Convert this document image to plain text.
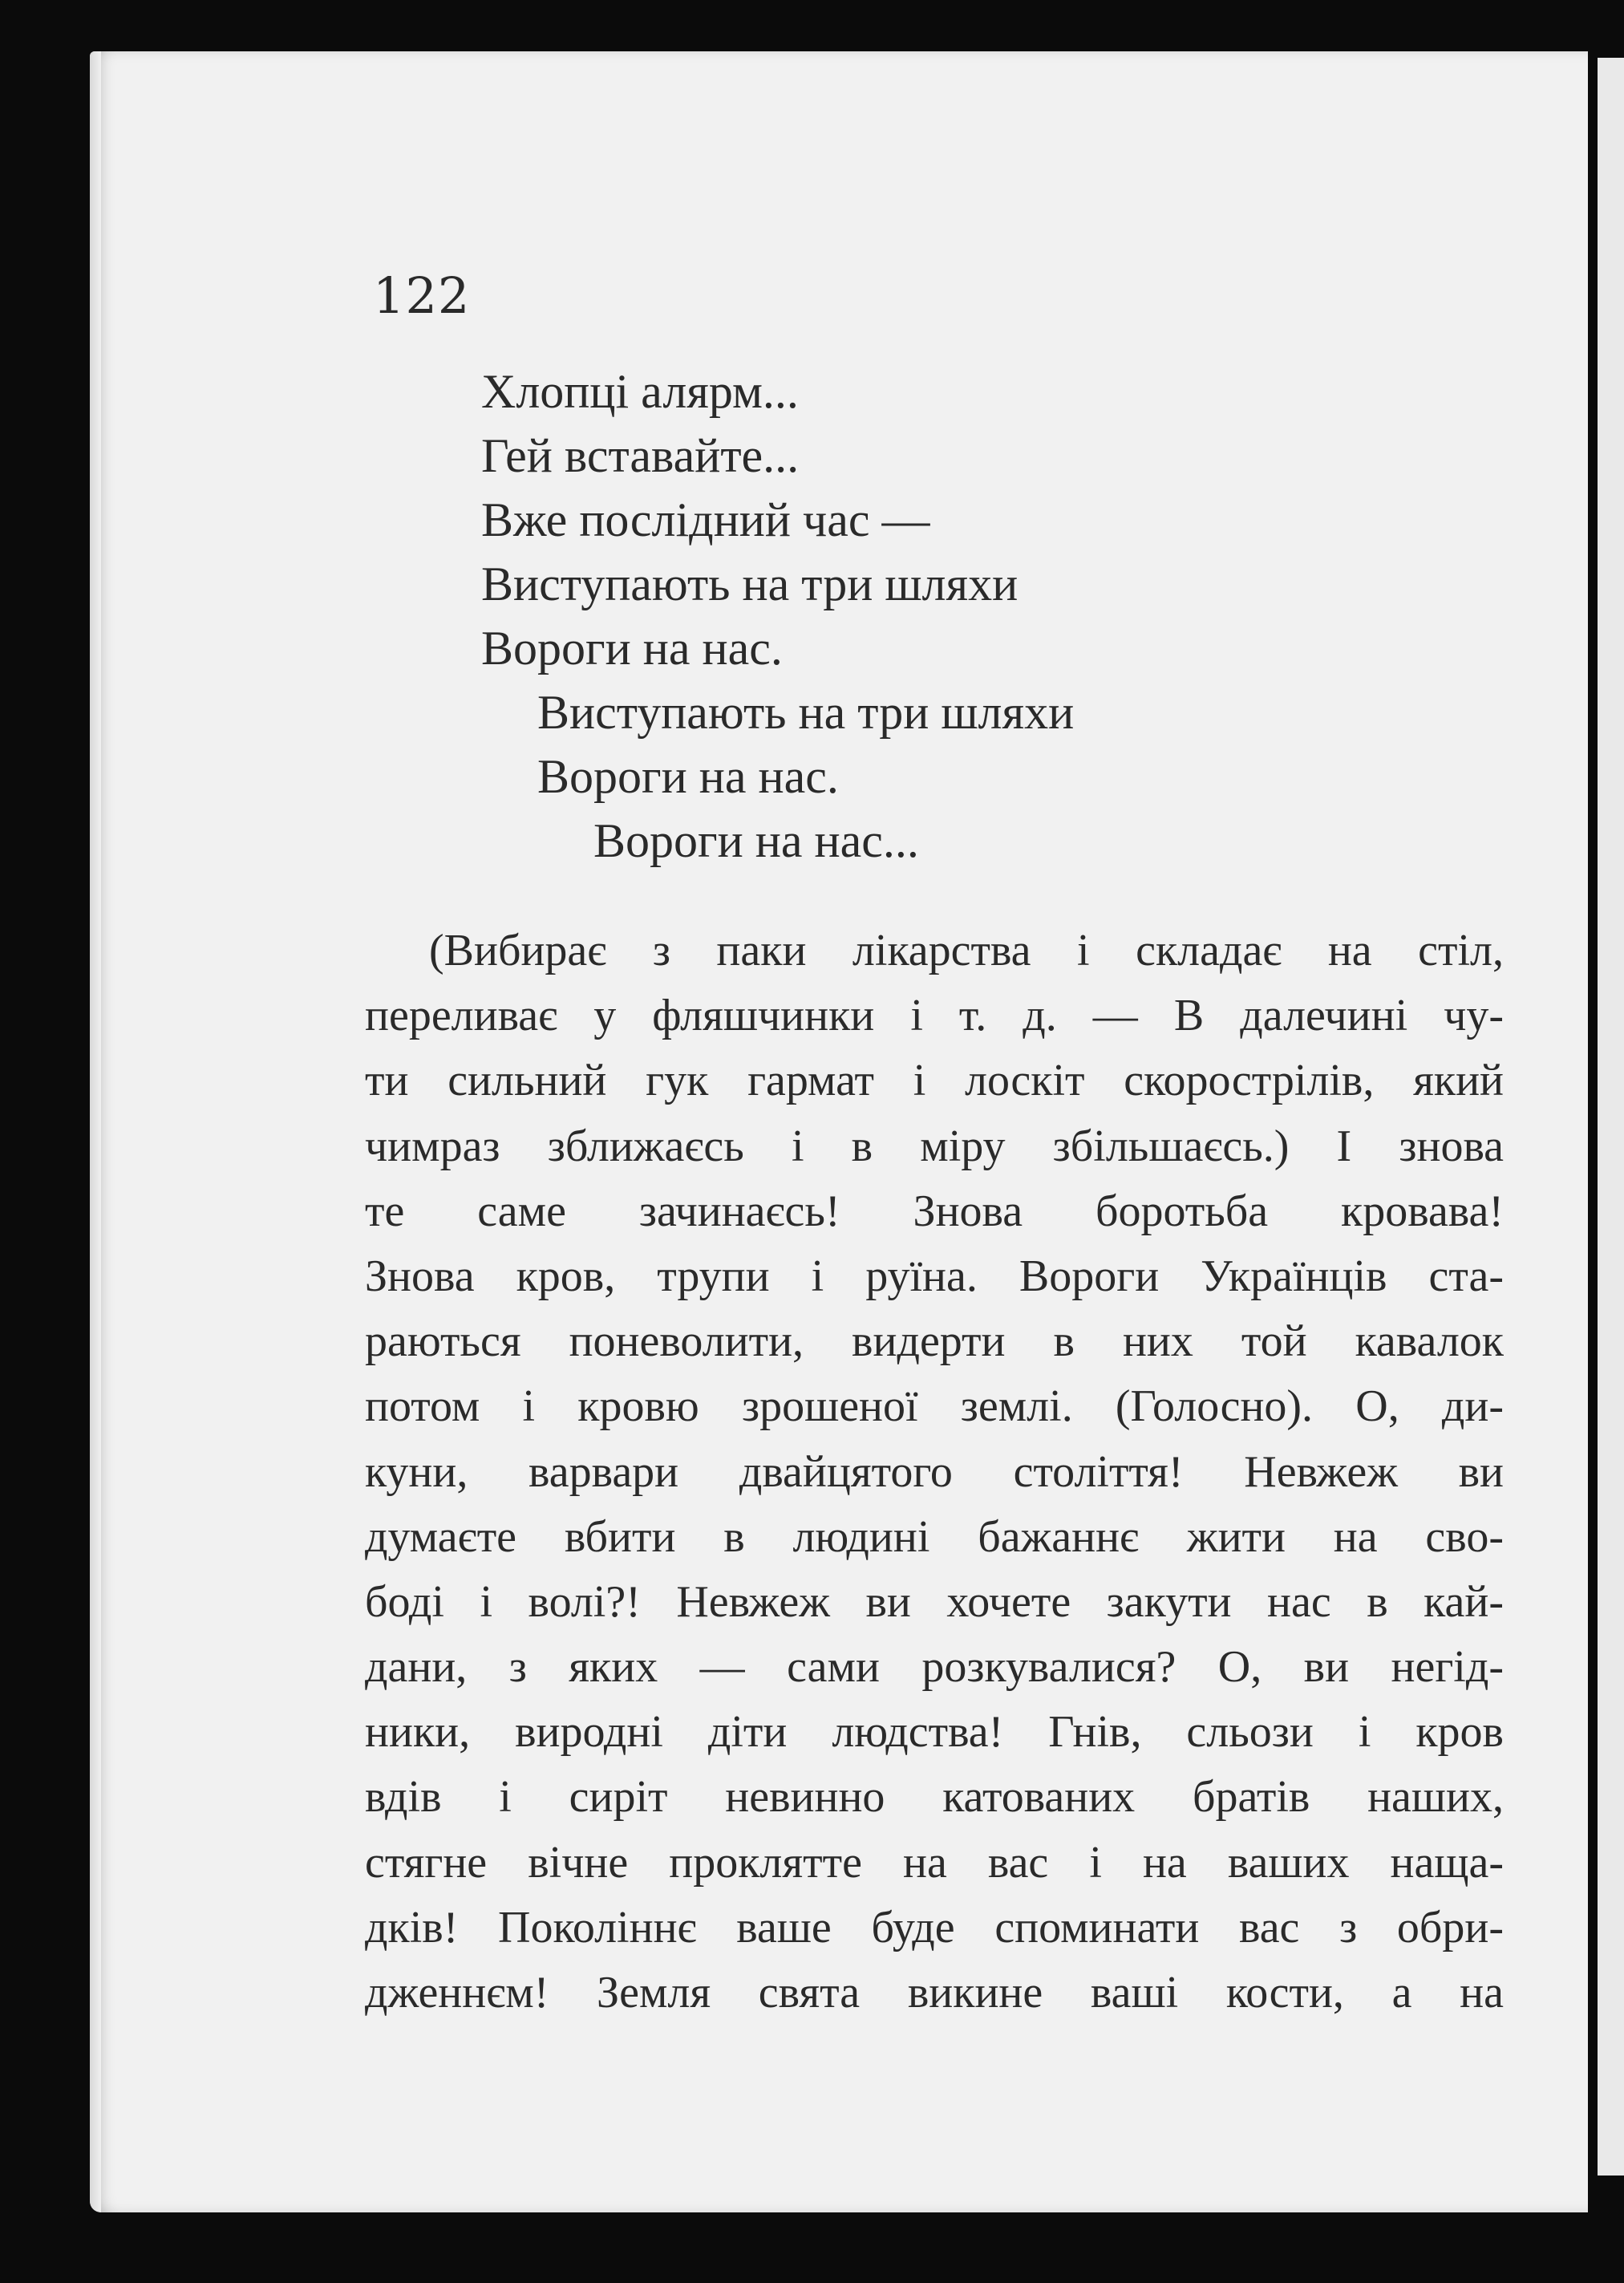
122
Хлопці алярм...
Гей вставайте...
Вже послідний час —
Виступають на три шляхи
Вороги на нас.
Виступають на три шляхи
Вороги на нас.
Вороги на нас...
(Вибирає з паки лікарства і складає на стіл,
переливає у фляшчинки і т. д. — В далечині чу-
ти сильний гук гармат і лоскіт скорострілів, який
чимраз зближаєсь і в міру збільшаєсь.) І знова
те саме зачинаєсь! Знова боротьба кровава!
Знова кров, трупи і руїна. Вороги Українців ста-
раються поневолити, видерти в них той кавалок
потом і кровю зрошеної землі. (Голосно). О, ди-
куни, варвари двайцятого століття! Невжеж ви
думаєте вбити в людині бажаннє жити на сво-
боді і волі?! Невжеж ви хочете закути нас в кай-
дани, з яких — сами розкувалися? О, ви негід-
ники, виродні діти людства! Гнів, сльози і кров
вдів і сиріт невинно катованих братів наших,
стягне вічне проклятте на вас і на ваших наща-
дків! Поколіннє ваше буде споминати вас з обри-
дженнєм! Земля свята викине ваші кости, а на
